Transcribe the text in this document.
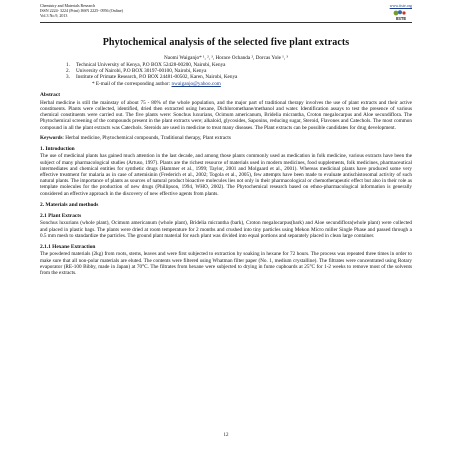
Chemistry and Materials Research
ISSN 2224- 3224 (Print) ISSN 2225- 0956 (Online)
Vol.3 No.9, 2013
www.iiste.org
IISTE
Phytochemical analysis of the selected five plant extracts
Naomi Waiganjo* ¹, ², ³, Horace Ochanda ², Dorcas Yole ¹, ³
1. Technical University of Kenya, P.O BOX 52428-00200, Nairobi, Kenya
2. University of Nairobi, P.O BOX 30197-00100, Nairobi, Kenya
3. Institute of Primate Research, P.O BOX 24481-00502, Karen, Nairobi, Kenya
* E-mail of the corresponding author: nwaiganjo@yahoo.com
Abstract

Herbal medicine is still the mainstay of about 75 - 80% of the whole population, and the major part of traditional therapy involves the use of plant extracts and their active constituents. Plants were collected, identified, dried then extracted using hexane, Dichloromethane/methanol and water. Identification assays to test the presence of various chemical constituents were carried out. The five plants were: Sonchus luxurians, Ocimum americanum, Bridelia micrantha, Croton megalocarpus and Aloe secundiflora. The Phytochemical screening of the compounds present in the plant extracts were; alkaloid, glycosides, Saponins, reducing sugar, Steroid, Flavones and Catechols. The most common compound in all the plant extracts was Catechols. Steroids are used in medicine to treat many diseases. The Plant extracts can be possible candidates for drug development.

Keywords: Herbal medicine, Phytochemical compounds, Traditional therapy, Plant extracts
1. Introduction

The use of medicinal plants has gained much attention in the last decade, and among those plants commonly used as medication in folk medicine, various extracts have been the subject of many pharmacological studies (Artuso, 1997). Plants are the richest resource of materials used in modern medicines, food supplements, folk medicines, pharmaceutical intermediates and chemical entities for synthetic drugs (Hammer et al., 1999; Taylor, 2001 and Molgaard et al., 2001). Whereas medicinal plants have produced some very effective treatment for malaria as in case of artemisinin (Frederich et al., 2002; Togola et al., 2005), few attempts have been made to evaluate antischistosomal activity of such natural plants. The importance of plants as sources of natural product bioactive molecules lies not only in their pharmacological or chemotherapeutic effect but also in their role as template molecules for the production of new drugs (Phillipson, 1994, WHO, 2002). The Phytochemical research based on ethno-pharmacological information is generally considered an effective approach in the discovery of new effective agents from plants.

2. Materials and methods
2.1 Plant Extracts

Sonchus luxurians (whole plant), Ocimum americanum (whole plant), Bridelia micrantha (bark), Croton megalocarpus(bark) and Aloe secundiflora(whole plant) were collected and placed in plastic bags. The plants were dried at room temperature for 2 months and crushed into tiny particles using Mekon Micro miller Single Phase and passed through a 0.5 mm mesh to standardize the particles. The ground plant material for each plant was divided into equal portions and separately placed in clean large container.

2.1.1 Hexane Extraction

The powdered materials (2kg) from roots, stems, leaves and were first subjected to extraction by soaking in hexane for 72 hours. The process was repeated three times in order to make sure that all non-polar materials are eluted. The contents were filtered using Whatman filter paper (No. 1, medium crystalline). The filtrates were concentrated using Rotary evaporator (RE-100 Bibby, made in Japan) at 70°C. The filtrates from hexane were subjected to drying in fume cupboards at 25°C for 1-2 weeks to remove most of the solvents from the extracts.

12
